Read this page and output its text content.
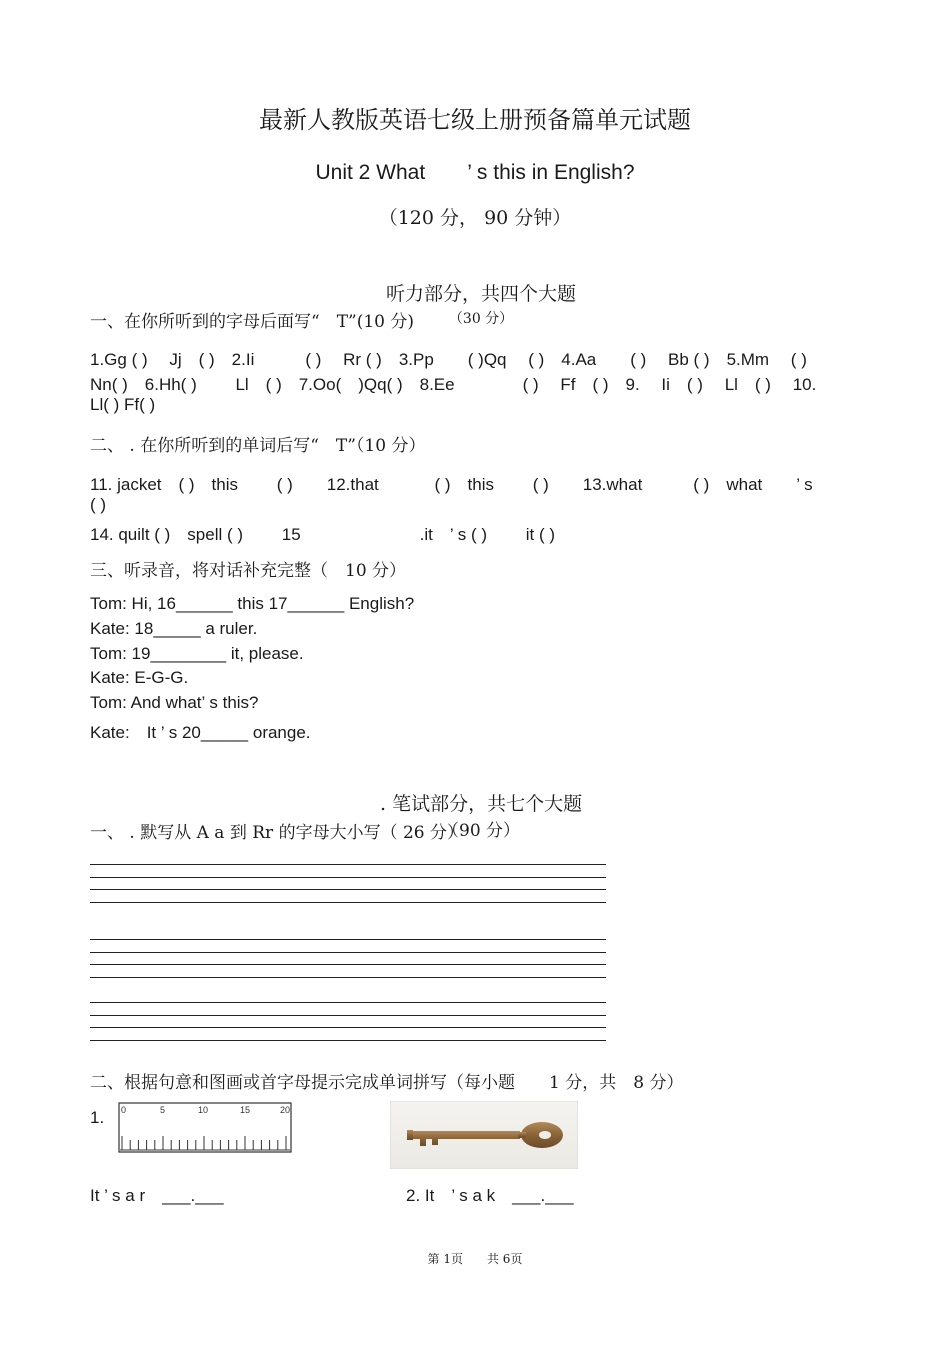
最新人教版英语七级上册预备篇单元试题
Unit 2 What　　’ s this in English?
（120 分， 90 分钟）

听力部分，共四个大题
（30 分）

一、在你所听到的字母后面写“　T”(10 分)
1.Gg ( )　 Jj　( )　2.Ii　　　( )　 Rr ( )　3.Pp　　( )Qq　 ( )　4.Aa　　( )　 Bb ( )　5.Mm　 ( )
Nn( )　6.Hh( )　　 Ll　( )　7.Oo(　)Qq( )　8.Ee　　　　( )　 Ff　( )　9.　 Ii　( )　 Ll　( )　 10.
Ll( ) Ff( )
二、 . 在你所听到的单词后写“　T”（10 分）
11. jacket　( )　this　　 ( )　　12.that　　　 ( )　this　　 ( )　　13.what　　　( )　what　　’ s
( )
14. quilt ( )　spell ( )　　 15　　　　　　　.it　’ s ( )　　 it ( )
三、听录音，将对话补充完整（　10 分）
Tom: Hi, 16______ this 17______ English?
Kate: 18_____ a ruler.
Tom: 19________ it, please.
Kate: E-G-G.
Tom: And what’ s this?
Kate:　It ’ s 20_____ orange.

. 笔试部分，共七个大题
（90 分）

一、 . 默写从 A a 到 Rr 的字母大小写（ 26 分）
二、根据句意和图画或首字母提示完成单词拼写（每小题　　1 分，共　8 分）
1. 0	5	10	15	20
It ’ s a r　___.___	2. It　’ s a k　___.___
第 1页　　共 6页
